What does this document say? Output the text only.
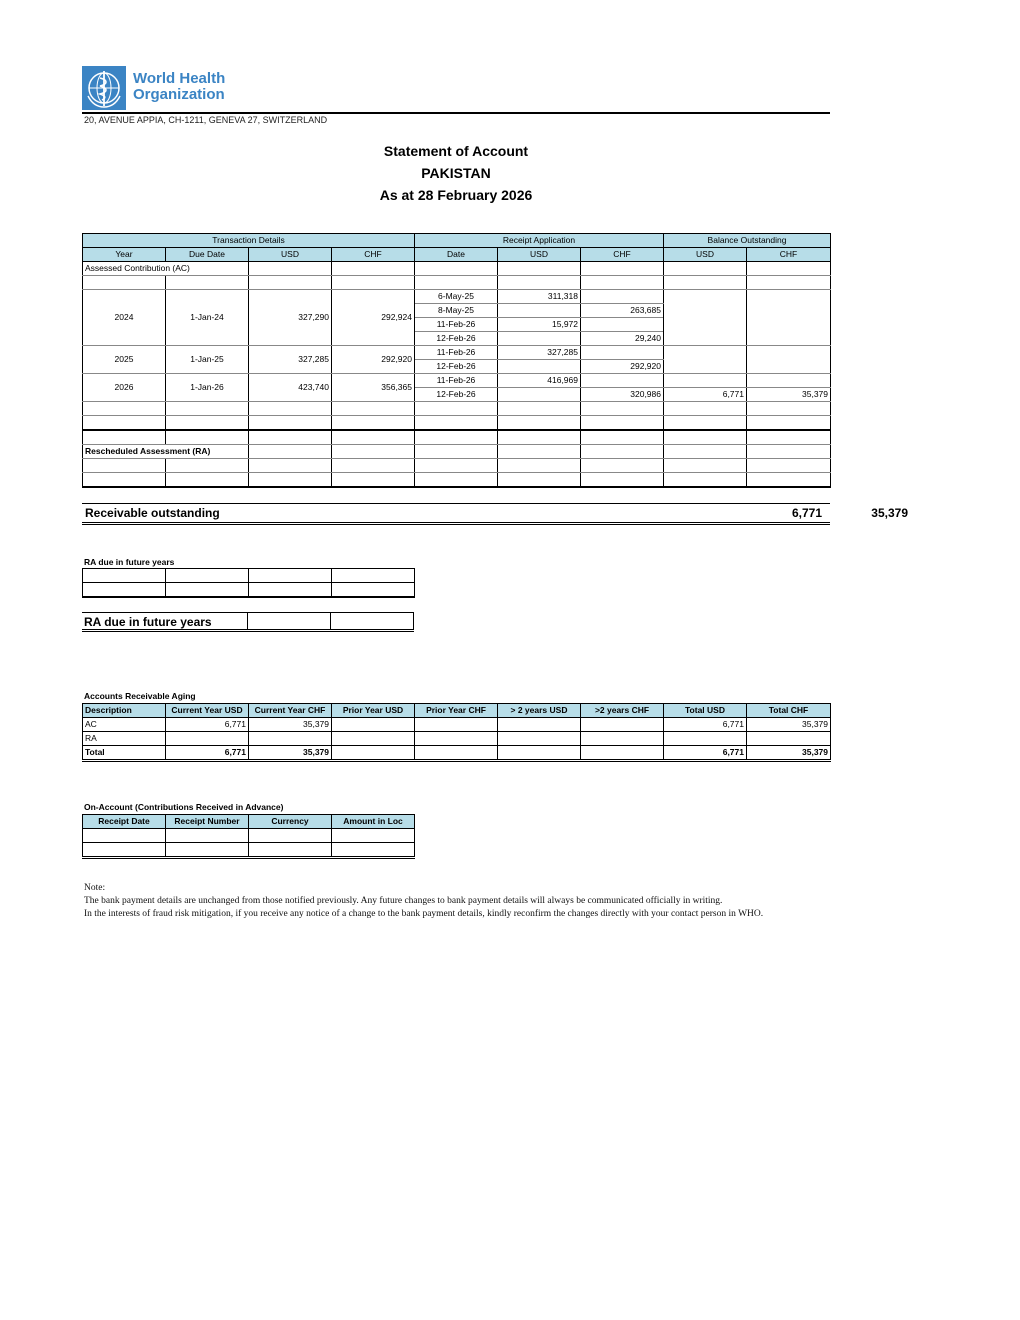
World Health
Organization
20, AVENUE APPIA, CH-1211, GENEVA 27, SWITZERLAND
Statement of Account
PAKISTAN
As at 28 February 2026
Transaction Details				Receipt Application			Balance Outstanding	
Year	Due Date	USD	CHF	Date	USD	CHF	USD	CHF
Assessed Contribution (AC)								

2024	1-Jan-24	327,290	292,924	6-May-25	311,318			
				8-May-25		263,685		
				11-Feb-26	15,972			
				12-Feb-26		29,240		
2025	1-Jan-25	327,285	292,920	11-Feb-26	327,285			
				12-Feb-26		292,920		
2026	1-Jan-26	423,740	356,365	11-Feb-26	416,969			
				12-Feb-26		320,986	6,771	35,379

Rescheduled Assessment (RA)								

Receivable outstanding	6,771	35,379
RA due in future years

RA due in future years
Accounts Receivable Aging
Description	Current Year USD	Current Year CHF	Prior Year USD	Prior Year CHF	> 2 years USD	>2 years CHF	Total USD	Total CHF
AC	6,771	35,379					6,771	35,379
RA								
Total	6,771	35,379					6,771	35,379
On-Account (Contributions Received in Advance)
Receipt Date	Receipt Number	Currency	Amount in Loc

Note:
The bank payment details are unchanged from those notified previously. Any future changes to bank payment details will always be communicated officially in writing.
In the interests of fraud risk mitigation, if you receive any notice of a change to the bank payment details, kindly reconfirm the changes directly with your contact person in WHO.
